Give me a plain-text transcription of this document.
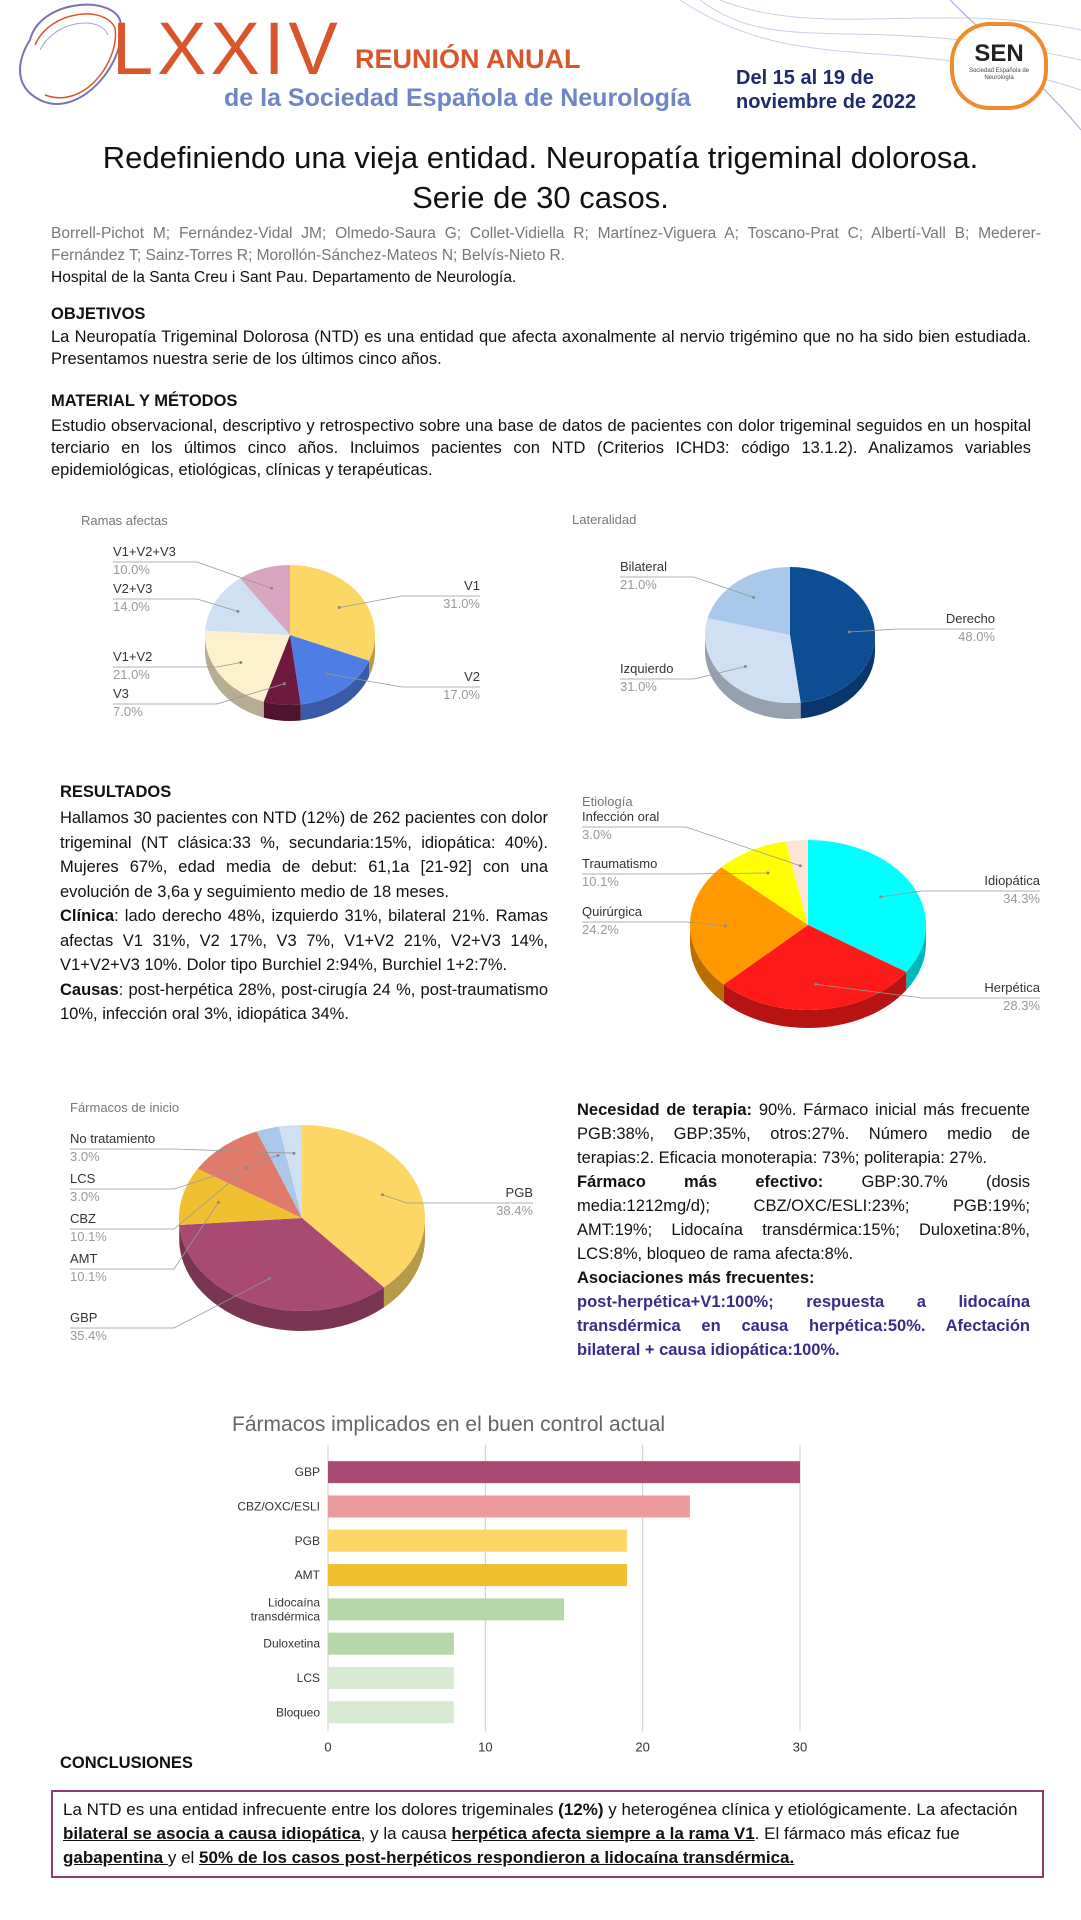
LXXIV REUNIÓN ANUAL
de la Sociedad Española de Neurología
Del 15 al 19 de
noviembre de 2022
SEN
Sociedad Española de Neurología
Redefiniendo una vieja entidad. Neuropatía trigeminal dolorosa.
Serie de 30 casos.
Borrell-Pichot M; Fernández-Vidal JM; Olmedo-Saura G; Collet-Vidiella R; Martínez-Viguera A; Toscano-Prat C; Albertí-Vall B; Mederer-Fernández T; Sainz-Torres R; Morollón-Sánchez-Mateos N; Belvís-Nieto R.
Hospital de la Santa Creu i Sant Pau. Departamento de Neurología.
OBJETIVOS
La Neuropatía Trigeminal Dolorosa (NTD) es una entidad que afecta axonalmente al nervio trigémino que no ha sido bien estudiada. Presentamos nuestra serie de los últimos cinco años.
MATERIAL Y MÉTODOS
Estudio observacional, descriptivo y retrospectivo sobre una base de datos de pacientes con dolor trigeminal seguidos en un hospital terciario en los últimos cinco años. Incluimos pacientes con NTD (Criterios ICHD3: código 13.1.2). Analizamos variables epidemiológicas, etiológicas, clínicas y terapéuticas.
Ramas afectas
V1
31.0%
V2
17.0%
V3
7.0%
V1+V2
21.0%
V2+V3
14.0%
V1+V2+V3
10.0%
Lateralidad
Derecho
48.0%
Izquierdo
31.0%
Bilateral
21.0%
RESULTADOS
Hallamos 30 pacientes con NTD (12%) de 262 pacientes con dolor trigeminal (NT clásica:33 %, secundaria:15%, idiopática: 40%). Mujeres 67%, edad media de debut: 61,1a [21-92] con una evolución de 3,6a y seguimiento medio de 18 meses.
Clínica: lado derecho 48%, izquierdo 31%, bilateral 21%. Ramas afectas V1 31%, V2 17%, V3 7%, V1+V2 21%, V2+V3 14%, V1+V2+V3 10%. Dolor tipo Burchiel 2:94%, Burchiel 1+2:7%.
Causas: post-herpética 28%, post-cirugía 24 %, post-traumatismo 10%, infección oral 3%, idiopática 34%.
Etiología
Idiopática
34.3%
Herpética
28.3%
Quirúrgica
24.2%
Traumatismo
10.1%
Infección oral
3.0%
Fármacos de inicio
PGB
38.4%
GBP
35.4%
AMT
10.1%
CBZ
10.1%
LCS
3.0%
No tratamiento
3.0%
Necesidad de terapia: 90%. Fármaco inicial más frecuente PGB:38%, GBP:35%, otros:27%. Número medio de terapias:2. Eficacia monoterapia: 73%; politerapia: 27%.
Fármaco más efectivo: GBP:30.7% (dosis media:1212mg/d); CBZ/OXC/ESLI:23%; PGB:19%; AMT:19%; Lidocaína transdérmica:15%; Duloxetina:8%, LCS:8%, bloqueo de rama afecta:8%.
Asociaciones más frecuentes:
post-herpética+V1:100%; respuesta a lidocaína transdérmica en causa herpética:50%. Afectación bilateral + causa idiopática:100%.
Fármacos implicados en el buen control actual
0	10	20	30
GBP
CBZ/OXC/ESLI
PGB
AMT
Lidocaína
transdérmica
Duloxetina
LCS
Bloqueo
CONCLUSIONES
La NTD es una entidad infrecuente entre los dolores trigeminales (12%) y heterogénea clínica y etiológicamente. La afectación bilateral se asocia a causa idiopática, y la causa herpética afecta siempre a la rama V1. El fármaco más eficaz fue gabapentina y el 50% de los casos post-herpéticos respondieron a lidocaína transdérmica.
